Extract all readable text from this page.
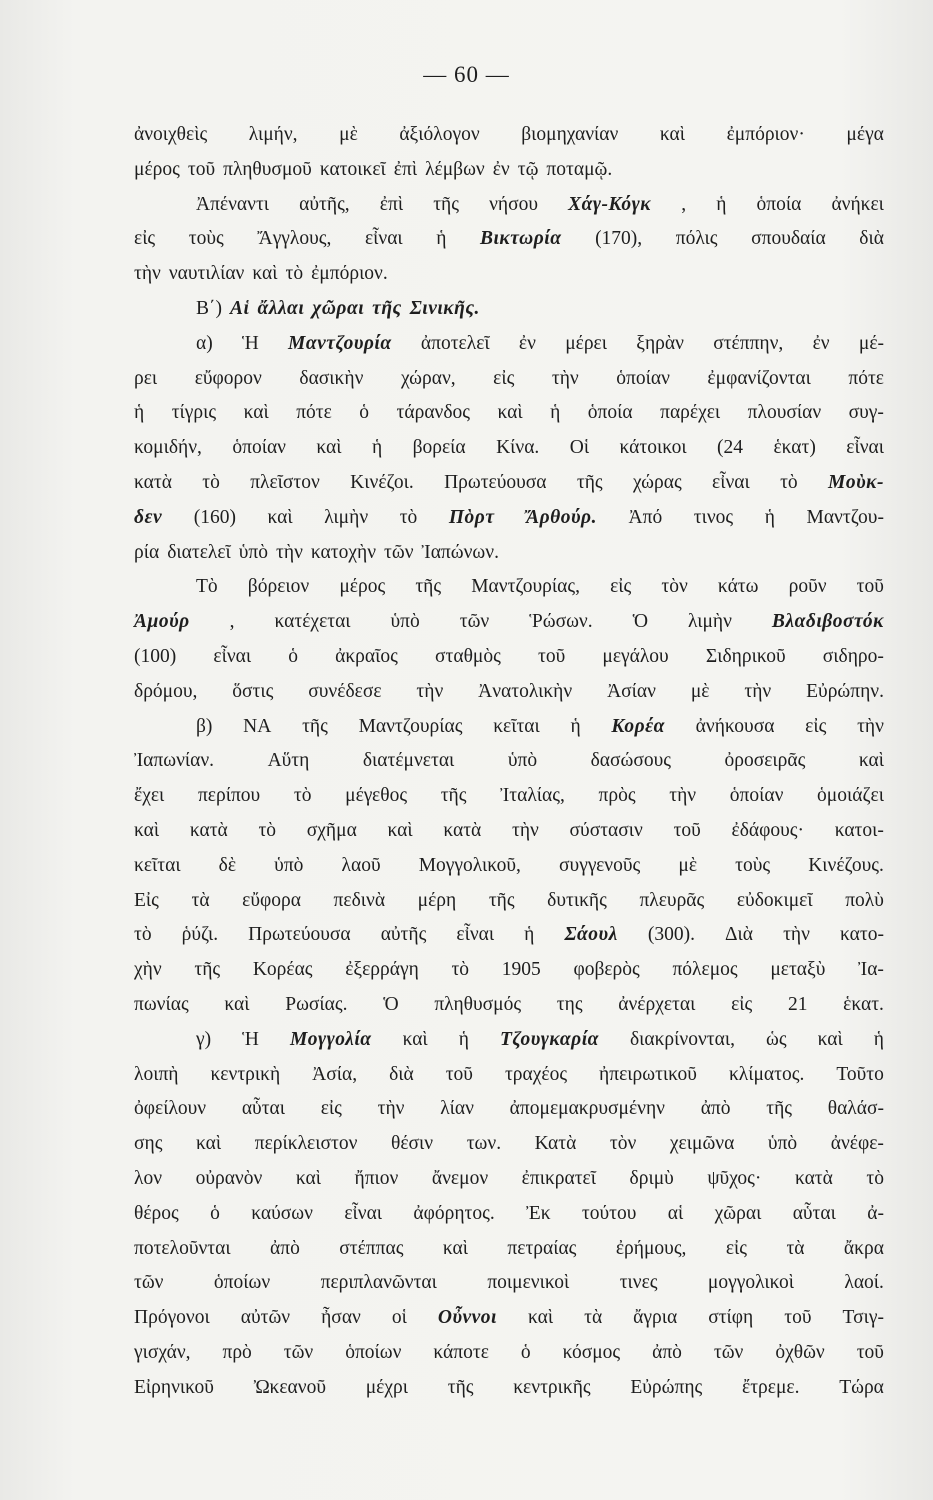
— 60 —
ἀνοιχθεὶς λιμήν, μὲ ἀξιόλογον βιομηχανίαν καὶ ἐμπόριον· μέγα
μέρος τοῦ πληθυσμοῦ κατοικεῖ ἐπὶ λέμβων ἐν τῷ ποταμῷ.
Ἀπέναντι αὐτῆς, ἐπὶ τῆς νήσου Χάγ-Κόγκ , ἡ ὁποία ἀνήκει
εἰς τοὺς Ἄγγλους, εἶναι ἡ Βικτωρία (170), πόλις σπουδαία διὰ
τὴν ναυτιλίαν καὶ τὸ ἐμπόριον.
Β΄) Αἱ ἄλλαι χῶραι τῆς Σινικῆς.
α) Ἡ Μαντζουρία ἀποτελεῖ ἐν μέρει ξηρὰν στέππην, ἐν μέ-
ρει εὔφορον δασικὴν χώραν, εἰς τὴν ὁποίαν ἐμφανίζονται πότε
ἡ τίγρις καὶ πότε ὁ τάρανδος καὶ ἡ ὁποία παρέχει πλουσίαν συγ-
κομιδήν, ὁποίαν καὶ ἡ βορεία Κίνα. Οἱ κάτοικοι (24 ἑκατ) εἶναι
κατὰ τὸ πλεῖστον Κινέζοι. Πρωτεύουσα τῆς χώρας εἶναι τὸ Μοὺκ-
δεν (160) καὶ λιμὴν τὸ Πὸρτ Ἄρθούρ. Ἀπό τινος ἡ Μαντζου-
ρία διατελεῖ ὑπὸ τὴν κατοχὴν τῶν Ἰαπώνων.
Τὸ βόρειον μέρος τῆς Μαντζουρίας, εἰς τὸν κάτω ροῦν τοῦ
Ἀμούρ , κατέχεται ὑπὸ τῶν Ῥώσων. Ὁ λιμὴν Βλαδιβοστόκ
(100) εἶναι ὁ ἀκραῖος σταθμὸς τοῦ μεγάλου Σιδηρικοῦ σιδηρο-
δρόμου, ὅστις συνέδεσε τὴν Ἀνατολικὴν Ἀσίαν μὲ τὴν Εὐρώπην.
β) ΝΑ τῆς Μαντζουρίας κεῖται ἡ Κορέα ἀνήκουσα εἰς τὴν
Ἰαπωνίαν.	Αὕτη	διατέμνεται	ὑπὸ	δασώσους	ὀροσειρᾶς	καὶ
ἔχει περίπου τὸ μέγεθος τῆς Ἰταλίας, πρὸς τὴν ὁποίαν ὁμοιάζει
καὶ κατὰ τὸ σχῆμα καὶ κατὰ τὴν σύστασιν τοῦ ἐδάφους· κατοι-
κεῖται δὲ ὑπὸ λαοῦ Μογγολικοῦ, συγγενοῦς μὲ τοὺς Κινέζους.
Εἰς τὰ εὔφορα πεδινὰ μέρη τῆς δυτικῆς πλευρᾶς εὐδοκιμεῖ πολὺ
τὸ ῥύζι. Πρωτεύουσα αὐτῆς εἶναι ἡ Σάουλ (300). Διὰ τὴν κατο-
χὴν τῆς Κορέας ἐξερράγη τὸ 1905 φοβερὸς πόλεμος μεταξὺ Ἰα-
πωνίας καὶ Ρωσίας. Ὁ πληθυσμός της ἀνέρχεται εἰς 21 ἑκατ.
γ) Ἡ Μογγολία καὶ ἡ Τζουγκαρία διακρίνονται, ὡς καὶ ἡ
λοιπὴ κεντρικὴ Ἀσία, διὰ τοῦ τραχέος ἠπειρωτικοῦ κλίματος. Τοῦτο
ὀφείλουν αὗται εἰς τὴν λίαν ἀπομεμακρυσμένην ἀπὸ τῆς θαλάσ-
σης καὶ περίκλειστον θέσιν των. Κατὰ τὸν χειμῶνα ὑπὸ ἀνέφε-
λον οὐρανὸν καὶ ἤπιον ἄνεμον ἐπικρατεῖ δριμὺ ψῦχος· κατὰ τὸ
θέρος ὁ καύσων εἶναι ἀφόρητος. Ἐκ τούτου αἱ χῶραι αὗται ἀ-
ποτελοῦνται ἀπὸ στέππας καὶ πετραίας ἐρήμους, εἰς τὰ ἄκρα
τῶν	ὁποίων	περιπλανῶνται	ποιμενικοὶ	τινες	μογγολικοὶ	λαοί.
Πρόγονοι αὐτῶν ἦσαν οἱ Οὖννοι καὶ τὰ ἄγρια στίφη τοῦ Τσιγ-
γισχάν, πρὸ τῶν ὁποίων κάποτε ὁ κόσμος ἀπὸ τῶν ὀχθῶν τοῦ
Εἰρηνικοῦ Ὠκεανοῦ μέχρι τῆς κεντρικῆς Εὐρώπης ἔτρεμε. Τώρα
